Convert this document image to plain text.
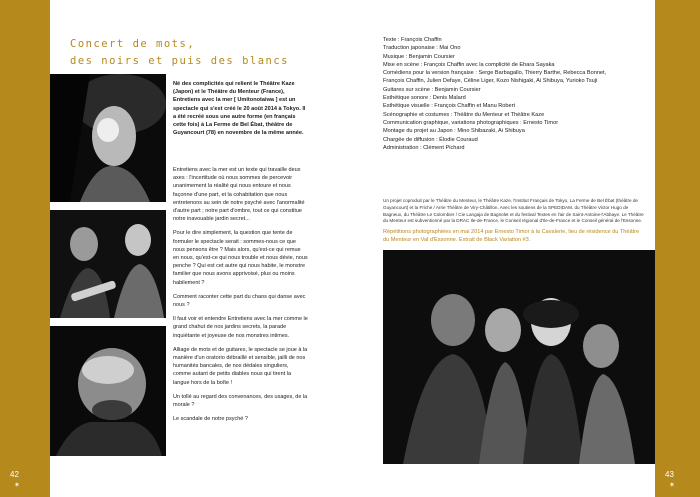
42
✶
43
✶
Concert de mots,
des noirs et puis des blancs
Né des complicités qui relient le Théâtre Kaze (Japon) et le Théâtre du Menteur (France), Entretiens avec la mer [ Umitonotaiwa ] est un spectacle qui s'est créé le 20 août 2014 à Tokyo. Il a été recréé sous une autre forme (en français cette fois) à La Ferme de Bel Ébat, théâtre de Guyancourt (78) en novembre de la même année.

Entretiens avec la mer est un texte qui travaille deux axes : l'incertitude où nous sommes de percevoir unanimement la réalité qui nous entoure et nous façonne d'une part, et la cohabitation que nous entretenons au sein de notre psyché avec l'anormalité d'autre part ; notre part d'ombre, tout ce qui constitue notre inavouable jardin secret...

Pour le dire simplement, la question que tente de formuler le spectacle serait : sommes-nous ce que nous pensons être ? Mais alors, qu'est-ce qui remue en nous, qu'est-ce qui nous trouble et nous dévie, nous penche ? Qui est cet autre qui nous habite, le monstre familier que nous avons apprivoisé, plus ou moins habilement ?

Comment raconter cette part du chaos qui danse avec nous ?

Il faut voir et entendre Entretiens avec la mer comme le grand chahut de nos jardins secrets, la parade inquiétante et joyeuse de nos monstres intimes.

Alliage de mots et de guitares, le spectacle se joue à la manière d'un oratorio débraillé et sensible, jailli de nos humanités bancales, de nos dédales singuliers, comme autant de petits diables nous qui tirent la langue hors de la boîte !

Un tollé au regard des convenances, des usages, de la morale ?

Le scandale de notre psyché ?

Texte : François Chaffin
Traduction japonaise : Mai Ono
Musique : Benjamin Coursier
Mise en scène : François Chaffin avec la complicité de Ehara Sayaka
Comédiens pour la version française : Serge Barbagallo, Thierry Barthe, Rebecca Bonnet,
François Chaffin, Julien Defaye, Céline Liger, Kozo Nishigaki, Ai Shibuya, Yurioko Tsuji
Guitares sur scène : Benjamin Coursier
Esthétique sonore : Denis Malard
Esthétique visuelle : François Chaffin et Manu Robert
Scénographie et costumes : Théâtre du Menteur et Théâtre Kaze
Communication graphique, variations photographiques : Ernesto Timor
Montage du projet au Japon : Mino Shibazaki, Ai Shibuya
Chargée de diffusion : Élodie Couraud
Administration : Clément Pichard
Un projet coproduit par le Théâtre du Menteur, le Théâtre Kaze, l'Institut Français de Tokyo, La Ferme de Bel Ébat (théâtre de Guyancourt) et la Friche / Arrie Théâtre de Viry-Châtillon. Avec les soutiens de la SPEDIDAM, du Théâtre Victor Hugo de Bagneux, du Théâtre Le Colombier / Cie Langaja de Bagnolet et du festival Textes en l'air de Saint-Antoine-l'Abbaye. Le Théâtre du Menteur est subventionné par la DRAC Ile-de-France, le Conseil régional d'Ile-de-France et le Conseil général de l'Essonne.
Répétitions photographiées en mai 2014 par Ernesto Timor à la Cavalerie, lieu de résidence du Théâtre du Menteur en Val d'Essonne. Extrait de Black Variation #3.
